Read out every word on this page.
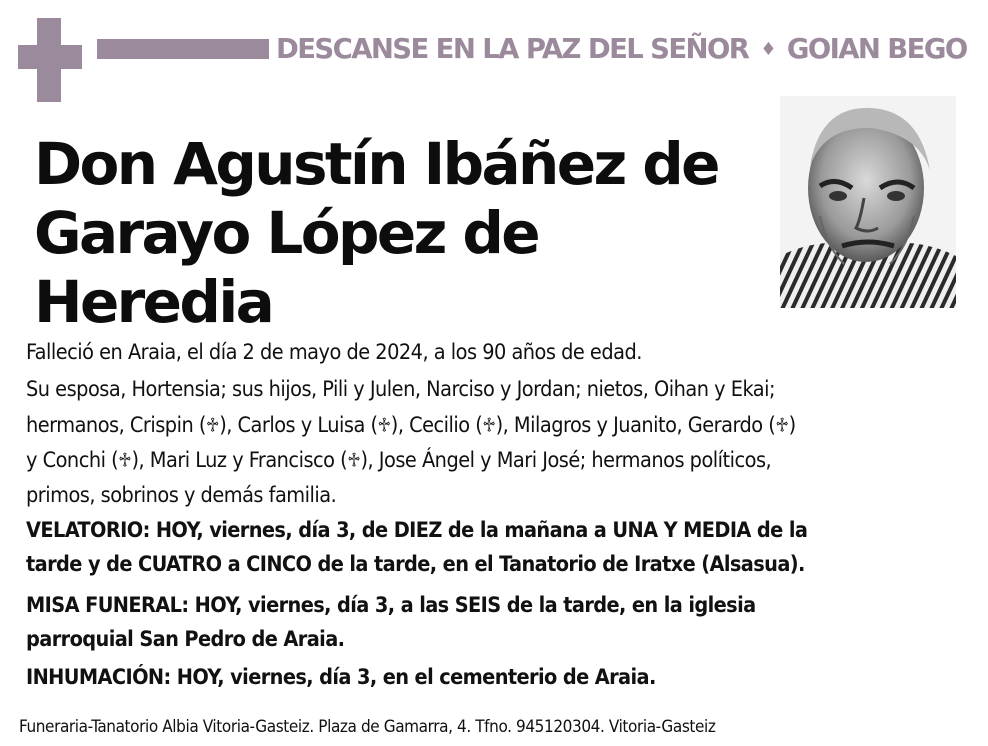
DESCANSE EN LA PAZ DEL SEÑOR ♦ GOIAN BEGO
Don Agustín Ibáñez de
Garayo López de Heredia
Falleció en Araia, el día 2 de mayo de 2024, a los 90 años de edad.
Su esposa, Hortensia; sus hijos, Pili y Julen, Narciso y Jordan; nietos, Oihan y Ekai;
hermanos, Crispin (♱), Carlos y Luisa (♱), Cecilio (♱), Milagros y Juanito, Gerardo (♱)
y Conchi (♱), Mari Luz y Francisco (♱), Jose Ángel y Mari José; hermanos políticos,
primos, sobrinos y demás familia.
VELATORIO: HOY, viernes, día 3, de DIEZ de la mañana a UNA Y MEDIA de la
tarde y de CUATRO a CINCO de la tarde, en el Tanatorio de Iratxe (Alsasua).
MISA FUNERAL: HOY, viernes, día 3, a las SEIS de la tarde, en la iglesia
parroquial San Pedro de Araia.
INHUMACIÓN: HOY, viernes, día 3, en el cementerio de Araia.
Funeraria-Tanatorio Albia Vitoria-Gasteiz. Plaza de Gamarra, 4. Tfno. 945120304. Vitoria-Gasteiz
